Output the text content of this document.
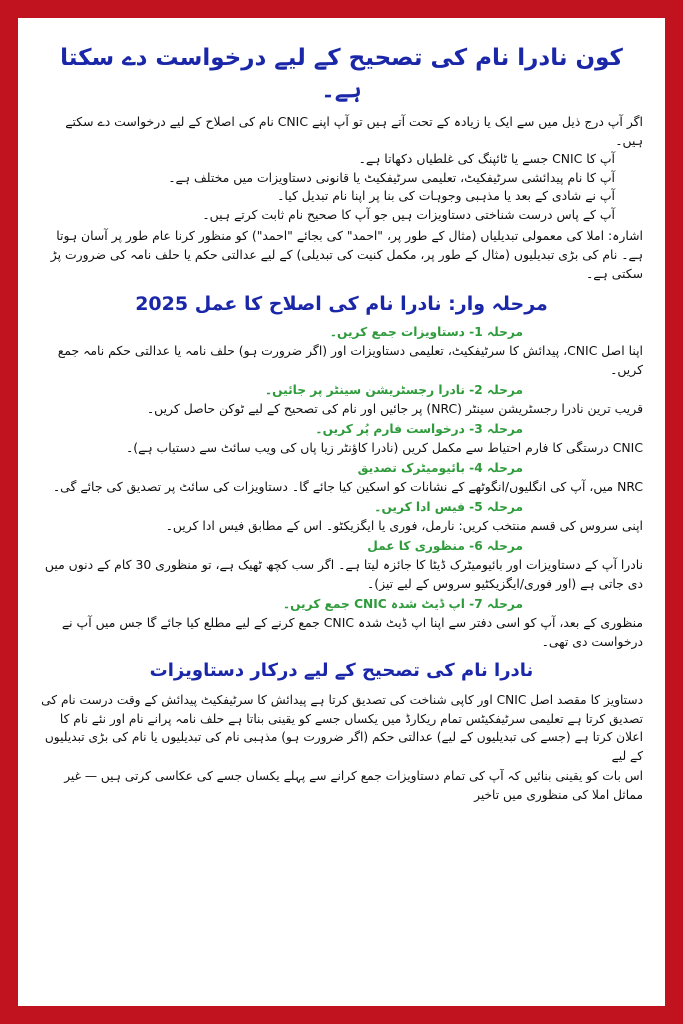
کون نادرا نام کی تصحیح کے لیے درخواست دے سکتا ہے۔

اگر آپ درج ذیل میں سے ایک یا زیادہ کے تحت آتے ہیں تو آپ اپنے CNIC نام کی اصلاح کے لیے درخواست دے سکتے ہیں۔

آپ کا CNIC جسے یا ٹائپنگ کی غلطیاں دکھاتا ہے۔
آپ کا نام پیدائشی سرٹیفکیٹ، تعلیمی سرٹیفکیٹ یا قانونی دستاویزات میں مختلف ہے۔
آپ نے شادی کے بعد یا مذہبی وجوہات کی بنا پر اپنا نام تبدیل کیا۔
آپ کے پاس درست شناختی دستاویزات ہیں جو آپ کا صحیح نام ثابت کرتے ہیں۔

اشارہ: املا کی معمولی تبدیلیاں (مثال کے طور پر، "احمد" کی بجائے "احمد") کو منظور کرنا عام طور پر آسان ہوتا ہے۔ نام کی بڑی تبدیلیوں (مثال کے طور پر، مکمل کنیت کی تبدیلی) کے لیے عدالتی حکم یا حلف نامہ کی ضرورت پڑ سکتی ہے۔

مرحلہ وار: نادرا نام کی اصلاح کا عمل 2025
مرحلہ 1- دستاویزات جمع کریں۔
اپنا اصل CNIC، پیدائش کا سرٹیفکیٹ، تعلیمی دستاویزات اور (اگر ضرورت ہو) حلف نامہ یا عدالتی حکم نامہ جمع کریں۔
مرحلہ 2- نادرا رجسٹریشن سینٹر پر جائیں۔
قریب ترین نادرا رجسٹریشن سینٹر (NRC) پر جائیں اور نام کی تصحیح کے لیے ٹوکن حاصل کریں۔
مرحلہ 3- درخواست فارم پُر کریں۔
CNIC درستگی کا فارم احتیاط سے مکمل کریں (نادرا کاؤنٹر زیا پاں کی ویب سائٹ سے دستیاب ہے)۔
مرحلہ 4- بائیومیٹرک تصدیق
NRC میں، آپ کی انگلیوں/انگوٹھے کے نشانات کو اسکین کیا جائے گا۔ دستاویزات کی سائٹ پر تصدیق کی جائے گی۔
مرحلہ 5- فیس ادا کریں۔
اپنی سروس کی قسم منتخب کریں: نارمل، فوری یا ایگزیکٹو۔ اس کے مطابق فیس ادا کریں۔
مرحلہ 6- منظوری کا عمل
نادرا آپ کے دستاویزات اور بائیومیٹرک ڈیٹا کا جائزہ لیتا ہے۔ اگر سب کچھ ٹھیک ہے، تو منظوری 30 کام کے دنوں میں دی جاتی ہے (اور فوری/ایگزیکٹیو سروس کے لیے تیز)۔
مرحلہ 7- اپ ڈیٹ شدہ CNIC جمع کریں۔
منظوری کے بعد، آپ کو اسی دفتر سے اپنا اپ ڈیٹ شدہ CNIC جمع کرنے کے لیے مطلع کیا جائے گا جس میں آپ نے درخواست دی تھی۔
نادرا نام کی تصحیح کے لیے درکار دستاویزات

دستاویز کا مقصد اصل CNIC اور کاپی شناخت کی تصدیق کرتا ہے پیدائش کا سرٹیفکیٹ پیدائش کے وقت درست نام کی تصدیق کرتا ہے تعلیمی سرٹیفکیٹس تمام ریکارڈ میں یکساں جسے کو یقینی بناتا ہے حلف نامہ پرانے نام اور نئے نام کا اعلان کرتا ہے (جسے کی تبدیلیوں کے لیے) عدالتی حکم (اگر ضرورت ہو) مذہبی نام کی تبدیلیوں یا نام کی بڑی تبدیلیوں کے لیے

اس بات کو یقینی بنائیں کہ آپ کی تمام دستاویزات جمع کرانے سے پہلے یکساں جسے کی عکاسی کرتی ہیں — غیر مماثل املا کی منظوری میں تاخیر
